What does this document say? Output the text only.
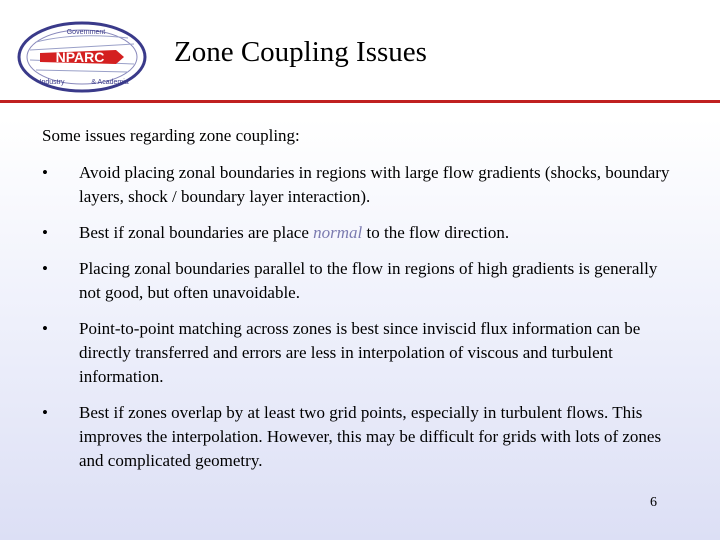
NPARC
Government
Industry	& Academia
Zone Coupling Issues
Some issues regarding zone coupling:
•	Avoid placing zonal boundaries in regions with large flow gradients (shocks, boundary layers, shock / boundary layer interaction).
•	Best if zonal boundaries are place normal to the flow direction.
•	Placing zonal boundaries parallel to the flow in regions of high gradients is generally not good, but often unavoidable.
•	Point-to-point matching across zones is best since inviscid flux information can be directly transferred and errors are less in interpolation of viscous and turbulent information.
•	Best if zones overlap by at least two grid points, especially in turbulent flows. This improves the interpolation. However, this may be difficult for grids with lots of zones and complicated geometry.
6
